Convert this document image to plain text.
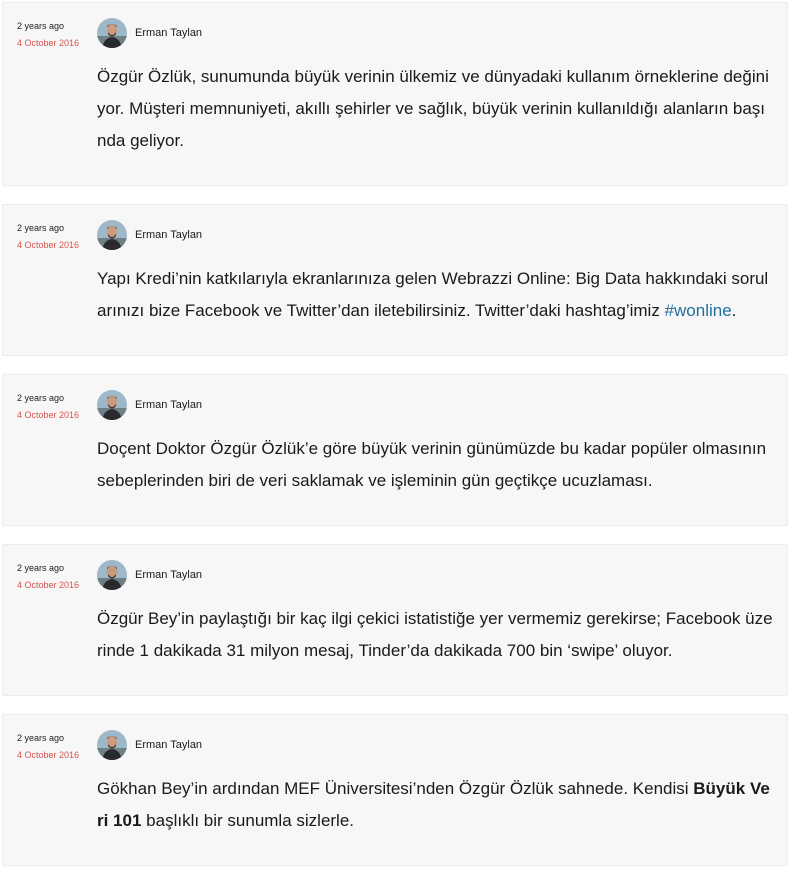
2 years ago
4 October 2016
Erman Taylan
Özgür Özlük, sunumunda büyük verinin ülkemiz ve dünyadaki kullanım örneklerine değiniyor. Müşteri memnuniyeti, akıllı şehirler ve sağlık, büyük verinin kullanıldığı alanların başında geliyor.
2 years ago
4 October 2016
Erman Taylan
Yapı Kredi’nin katkılarıyla ekranlarınıza gelen Webrazzi Online: Big Data hakkındaki sorularınızı bize Facebook ve Twitter’dan iletebilirsiniz. Twitter’daki hashtag’imiz #wonline.
2 years ago
4 October 2016
Erman Taylan
Doçent Doktor Özgür Özlük’e göre büyük verinin günümüzde bu kadar popüler olmasının sebeplerinden biri de veri saklamak ve işleminin gün geçtikçe ucuzlaması.
2 years ago
4 October 2016
Erman Taylan
Özgür Bey’in paylaştığı bir kaç ilgi çekici istatistiğe yer vermemiz gerekirse; Facebook üzerinde 1 dakikada 31 milyon mesaj, Tinder’da dakikada 700 bin ‘swipe’ oluyor.
2 years ago
4 October 2016
Erman Taylan
Gökhan Bey’in ardından MEF Üniversitesi’nden Özgür Özlük sahnede. Kendisi Büyük Veri 101 başlıklı bir sunumla sizlerle.
